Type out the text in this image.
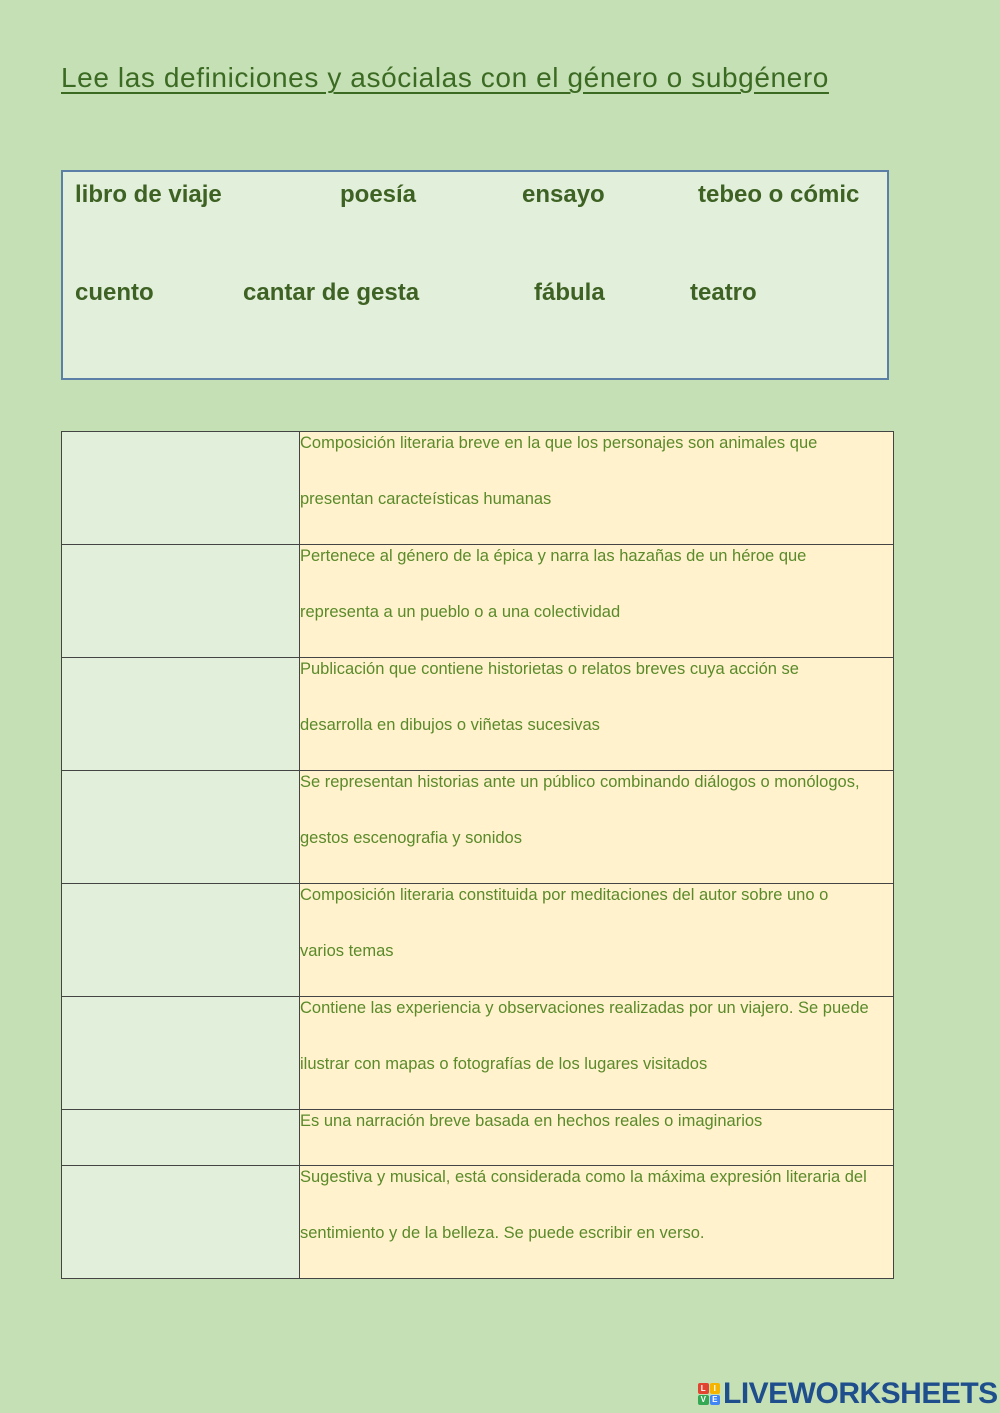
Lee las definiciones y asócialas con el género o subgénero
libro de viaje	poesía	ensayo	tebeo o cómic
cuento	cantar de gesta	fábula	teatro

	Composición literaria breve en la que los personajes son animales que
presentan caracteísticas humanas

	Pertenece al género de la épica y narra las hazañas de un héroe que
representa a un pueblo o a una colectividad

	Publicación que contiene historietas o relatos breves cuya acción se
desarrolla en dibujos o viñetas sucesivas

	Se representan historias ante un público combinando diálogos o monólogos,
gestos escenografia y sonidos

	Composición literaria constituida por meditaciones del autor sobre uno o
varios temas

	Contiene las experiencia y observaciones realizadas por un viajero. Se puede
ilustrar con mapas o fotografías de los lugares visitados

	Es una narración breve basada en hechos reales o imaginarios

	Sugestiva y musical, está considerada como la máxima expresión literaria del
sentimiento y de la belleza. Se puede escribir en verso.
L I
V E LIVEWORKSHEETS
